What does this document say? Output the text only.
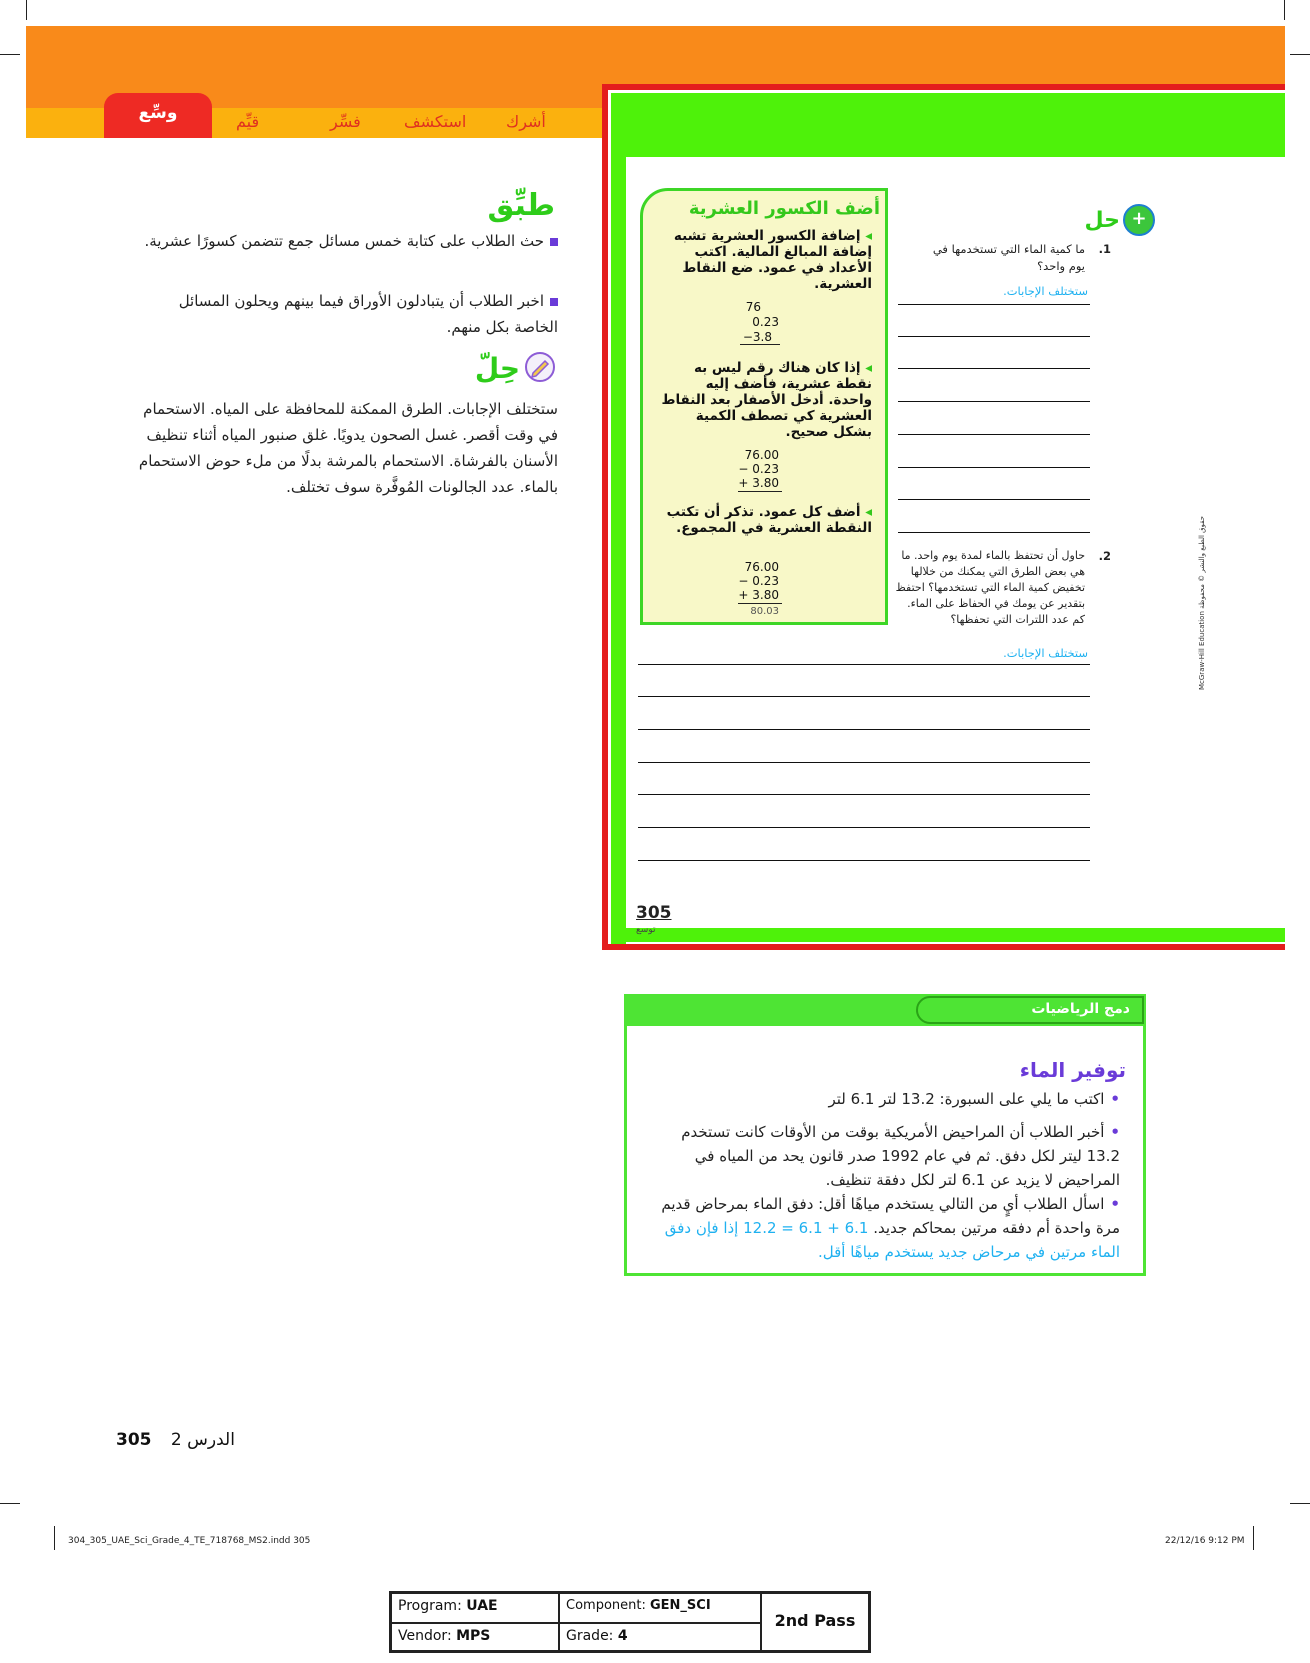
وسِّع	قيِّم	فسِّر	استكشف أشرك
أضف الكسور العشرية
◂ إضافة الكسور العشرية تشبه إضافة المبالغ المالية. اكتب الأعداد في عمود. ضع النقاط العشرية.
76
0.23
−3.8
◂ إذا كان هناك رقم ليس به نقطة عشرية، فأضف إليه واحدة. أدخل الأصفار بعد النقاط العشرية كي تصطف الكمية بشكل صحيح.
76.00
− 0.23
+ 3.80
◂ أضف كل عمود. تذكر أن تكتب النقطة العشرية في المجموع.
76.00
− 0.23
+ 3.80
80.03
+
حل
1.
ما كمية الماء التي تستخدمها في يوم واحد؟
ستختلف الإجابات.
2.
حاول أن تحتفظ بالماء لمدة يوم واحد. ما هي بعض الطرق التي يمكنك من خلالها تخفيض كمية الماء التي تستخدمها؟ احتفظ بتقدير عن يومك في الحفاظ على الماء. كم عدد اللترات التي تحفظها؟
ستختلف الإجابات.
305
توسع
McGraw-Hill Education حقوق الطبع والنشر © محفوظة
طبِّق
حث الطلاب على كتابة خمس مسائل جمع تتضمن كسورًا عشرية.
اخبر الطلاب أن يتبادلون الأوراق فيما بينهم ويحلون المسائل الخاصة بكل منهم.
حِلّ
ستختلف الإجابات. الطرق الممكنة للمحافظة على المياه. الاستحمام في وقت أقصر. غسل الصحون يدويًا. غلق صنبور المياه أثناء تنظيف الأسنان بالفرشاة. الاستحمام بالمرشة بدلًا من ملء حوض الاستحمام بالماء. عدد الجالونات المُوفَّرة سوف تختلف.
دمج الرياضيات
توفير الماء
•اكتب ما يلي على السبورة: 13.2 لتر 6.1 لتر
•أخبر الطلاب أن المراحيض الأمريكية بوقت من الأوقات كانت تستخدم 13.2 ليتر لكل دفق. ثم في عام 1992 صدر قانون يحد من المياه في المراحيض لا يزيد عن 6.1 لتر لكل دفقة تنظيف.
•اسأل الطلاب أيٍ من التالي يستخدم مياهًا أقل: دفق الماء بمرحاض قديم مرة واحدة أم دفقه مرتين بمحاكم جديد. 6.1 + 6.1 = 12.2 إذا فإن دفق الماء مرتين في مرحاض جديد يستخدم مياهًا أقل.
305 الدرس 2
304_305_UAE_Sci_Grade_4_TE_718768_MS2.indd 305	22/12/16 9:12 PM
Program: UAE	Component: GEN_SCI
2nd Pass
Vendor: MPS	Grade: 4
